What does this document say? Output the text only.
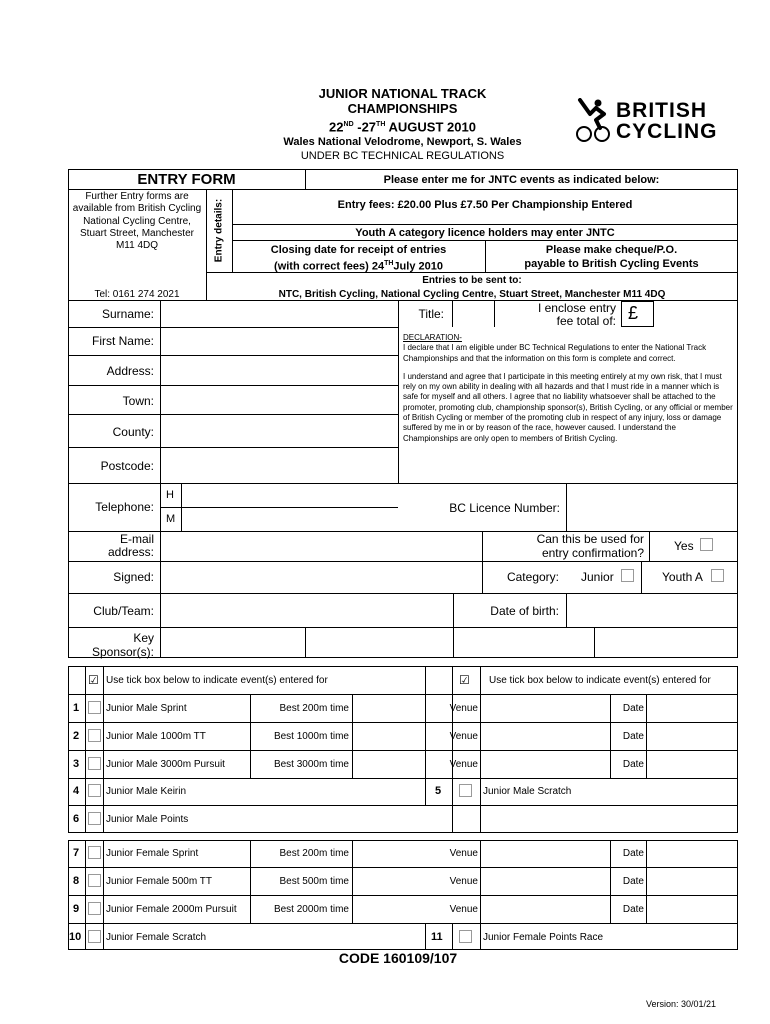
JUNIOR NATIONAL TRACK
CHAMPIONSHIPS
22ND -27TH AUGUST 2010
Wales National Velodrome, Newport, S. Wales
UNDER BC TECHNICAL REGULATIONS
BRITISH
CYCLING
ENTRY FORM	Please enter me for JNTC events as indicated below:
Further Entry forms are available from British Cycling National Cycling Centre, Stuart Street, Manchester M11 4DQ
Tel: 0161 274 2021
Entry details:	Entry fees: £20.00 Plus £7.50 Per Championship Entered
Youth A category licence holders may enter JNTC
Closing date for receipt of entries
(with correct fees) 24THJuly 2010
Please make cheque/P.O.
payable to British Cycling Events
Entries to be sent to:
NTC, British Cycling, National Cycling Centre, Stuart Street, Manchester M11 4DQ
Surname:	Title:	I enclose entry
fee total of: £
First Name:
Address:
Town:
County:
Postcode:
DECLARATION-
I declare that I am eligible under BC Technical Regulations to enter the National Track Championships and that the information on this form is complete and correct.
I understand and agree that I participate in this meeting entirely at my own risk, that I must rely on my own ability in dealing with all hazards and that I must ride in a manner which is safe for myself and all others. I agree that no liability whatsoever shall be attached to the promoter, promoting club, championship sponsor(s), British Cycling, or any official or member of British Cycling or member of the promoting club in respect of any injury, loss or damage suffered by me in or by reason of the race, however caused. I understand the Championships are only open to members of British Cycling.
Telephone:
H
M
BC Licence Number:
E-mail
address:
Can this be used for
entry confirmation?	Yes
Signed:	Category: Junior	Youth A
Club/Team:	Date of birth:
Key
Sponsor(s):
☑ Use tick box below to indicate event(s) entered for	☑ Use tick box below to indicate event(s) entered for
1	Junior Male Sprint	Best 200m time	Venue	Date
2	Junior Male 1000m TT	Best 1000m time	Venue	Date
3	Junior Male 3000m Pursuit	Best 3000m time	Venue	Date
4	Junior Male Keirin	5	Junior Male Scratch
6	Junior Male Points
7	Junior Female Sprint	Best 200m time	Venue	Date
8	Junior Female 500m TT	Best 500m time	Venue	Date
9	Junior Female 2000m Pursuit	Best 2000m time	Venue	Date
10 Junior Female Scratch	11	Junior Female Points Race
CODE 160109/107
Version: 30/01/21
